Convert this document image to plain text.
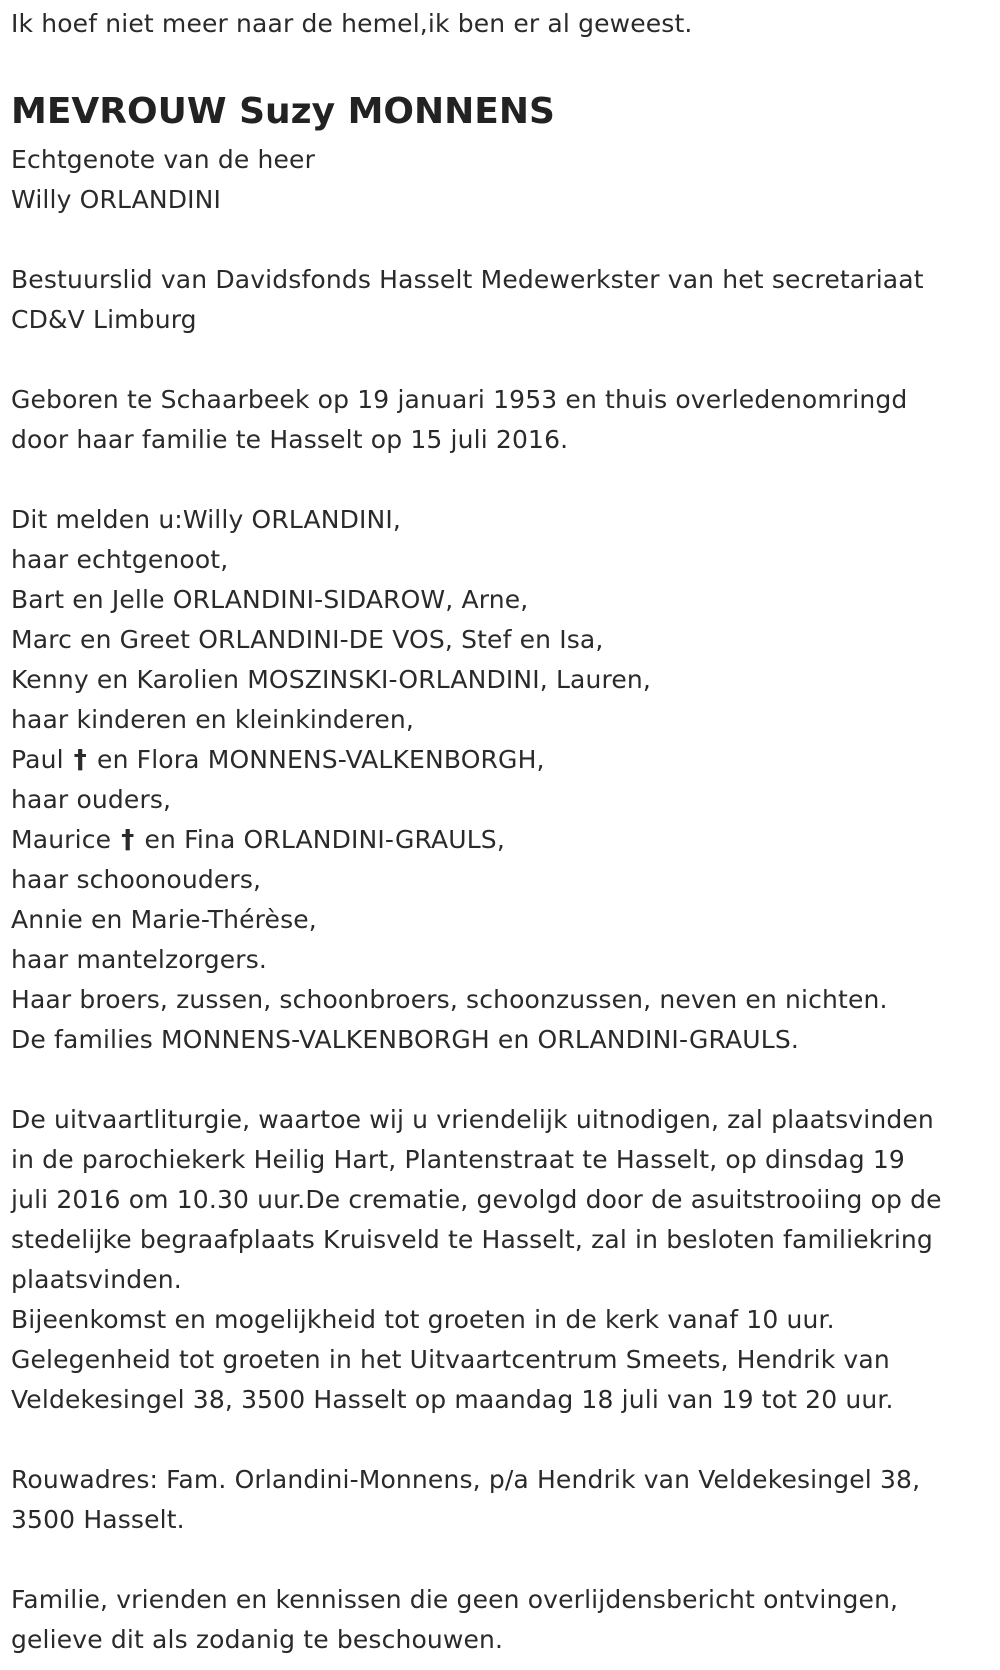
Ik hoef niet meer naar de hemel,ik ben er al geweest.
MEVROUW Suzy MONNENS
Echtgenote van de heer
Willy ORLANDINI
Bestuurslid van Davidsfonds Hasselt Medewerkster van het secretariaat
CD&V Limburg
Geboren te Schaarbeek op 19 januari 1953 en thuis overledenomringd
door haar familie te Hasselt op 15 juli 2016.
Dit melden u:Willy ORLANDINI,
haar echtgenoot,
Bart en Jelle ORLANDINI-SIDAROW, Arne,
Marc en Greet ORLANDINI-DE VOS, Stef en Isa,
Kenny en Karolien MOSZINSKI-ORLANDINI, Lauren,
haar kinderen en kleinkinderen,
Paul † en Flora MONNENS-VALKENBORGH,
haar ouders,
Maurice † en Fina ORLANDINI-GRAULS,
haar schoonouders,
Annie en Marie-Thérèse,
haar mantelzorgers.
Haar broers, zussen, schoonbroers, schoonzussen, neven en nichten.
De families MONNENS-VALKENBORGH en ORLANDINI-GRAULS.
De uitvaartliturgie, waartoe wij u vriendelijk uitnodigen, zal plaatsvinden
in de parochiekerk Heilig Hart, Plantenstraat te Hasselt, op dinsdag 19
juli 2016 om 10.30 uur.De crematie, gevolgd door de asuitstrooiing op de
stedelijke begraafplaats Kruisveld te Hasselt, zal in besloten familiekring
plaatsvinden.
Bijeenkomst en mogelijkheid tot groeten in de kerk vanaf 10 uur.
Gelegenheid tot groeten in het Uitvaartcentrum Smeets, Hendrik van
Veldekesingel 38, 3500 Hasselt op maandag 18 juli van 19 tot 20 uur.
Rouwadres: Fam. Orlandini-Monnens, p/a Hendrik van Veldekesingel 38,
3500 Hasselt.
Familie, vrienden en kennissen die geen overlijdensbericht ontvingen,
gelieve dit als zodanig te beschouwen.
